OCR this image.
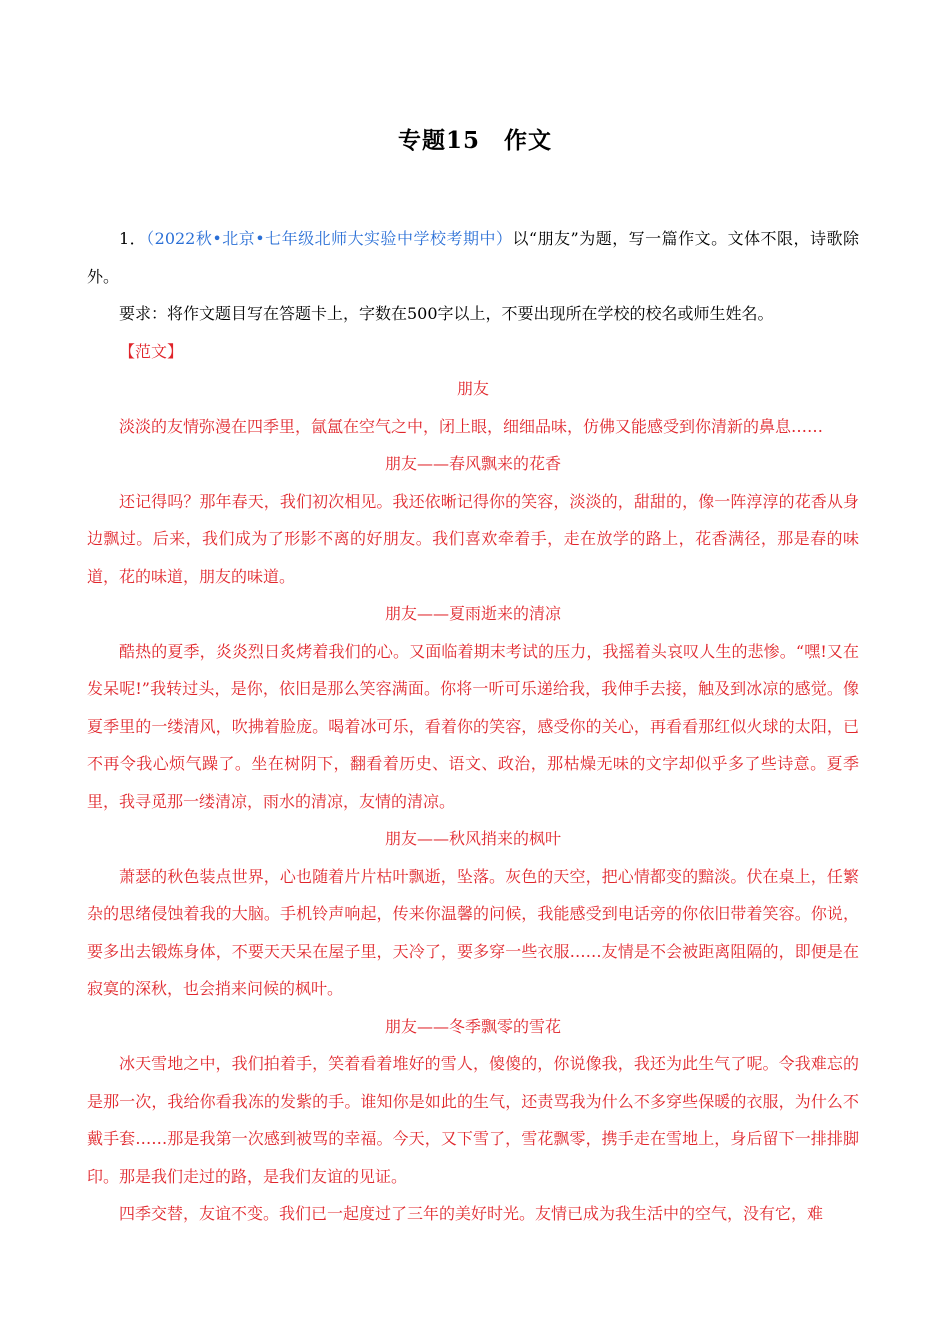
专题15　作文

1．（2022秋•北京•七年级北师大实验中学校考期中）以“朋友”为题，写一篇作文。文体不限，诗歌除外。

要求：将作文题目写在答题卡上，字数在500字以上，不要出现所在学校的校名或师生姓名。

【范文】

朋友

淡淡的友情弥漫在四季里，氤氲在空气之中，闭上眼，细细品味，仿佛又能感受到你清新的鼻息……

朋友——春风飘来的花香

还记得吗？那年春天，我们初次相见。我还依晰记得你的笑容，淡淡的，甜甜的，像一阵淳淳的花香从身边飘过。后来，我们成为了形影不离的好朋友。我们喜欢牵着手，走在放学的路上，花香满径，那是春的味道，花的味道，朋友的味道。

朋友——夏雨逝来的清凉

酷热的夏季，炎炎烈日炙烤着我们的心。又面临着期末考试的压力，我摇着头哀叹人生的悲惨。“嘿!又在发呆呢!”我转过头，是你，依旧是那么笑容满面。你将一听可乐递给我，我伸手去接，触及到冰凉的感觉。像夏季里的一缕清风，吹拂着脸庞。喝着冰可乐，看着你的笑容，感受你的关心，再看看那红似火球的太阳，已不再令我心烦气躁了。坐在树阴下，翻看着历史、语文、政治，那枯燥无味的文字却似乎多了些诗意。夏季里，我寻觅那一缕清凉，雨水的清凉，友情的清凉。

朋友——秋风捎来的枫叶

萧瑟的秋色装点世界，心也随着片片枯叶飘逝，坠落。灰色的天空，把心情都变的黯淡。伏在桌上，任繁杂的思绪侵蚀着我的大脑。手机铃声响起，传来你温馨的问候，我能感受到电话旁的你依旧带着笑容。你说，要多出去锻炼身体，不要天天呆在屋子里，天冷了，要多穿一些衣服……友情是不会被距离阻隔的，即便是在寂寞的深秋，也会捎来问候的枫叶。

朋友——冬季飘零的雪花

冰天雪地之中，我们拍着手，笑着看着堆好的雪人，傻傻的，你说像我，我还为此生气了呢。令我难忘的是那一次，我给你看我冻的发紫的手。谁知你是如此的生气，还责骂我为什么不多穿些保暖的衣服，为什么不戴手套……那是我第一次感到被骂的幸福。今天，又下雪了，雪花飘零，携手走在雪地上，身后留下一排排脚印。那是我们走过的路，是我们友谊的见证。

四季交替，友谊不变。我们已一起度过了三年的美好时光。友情已成为我生活中的空气，没有它，难
